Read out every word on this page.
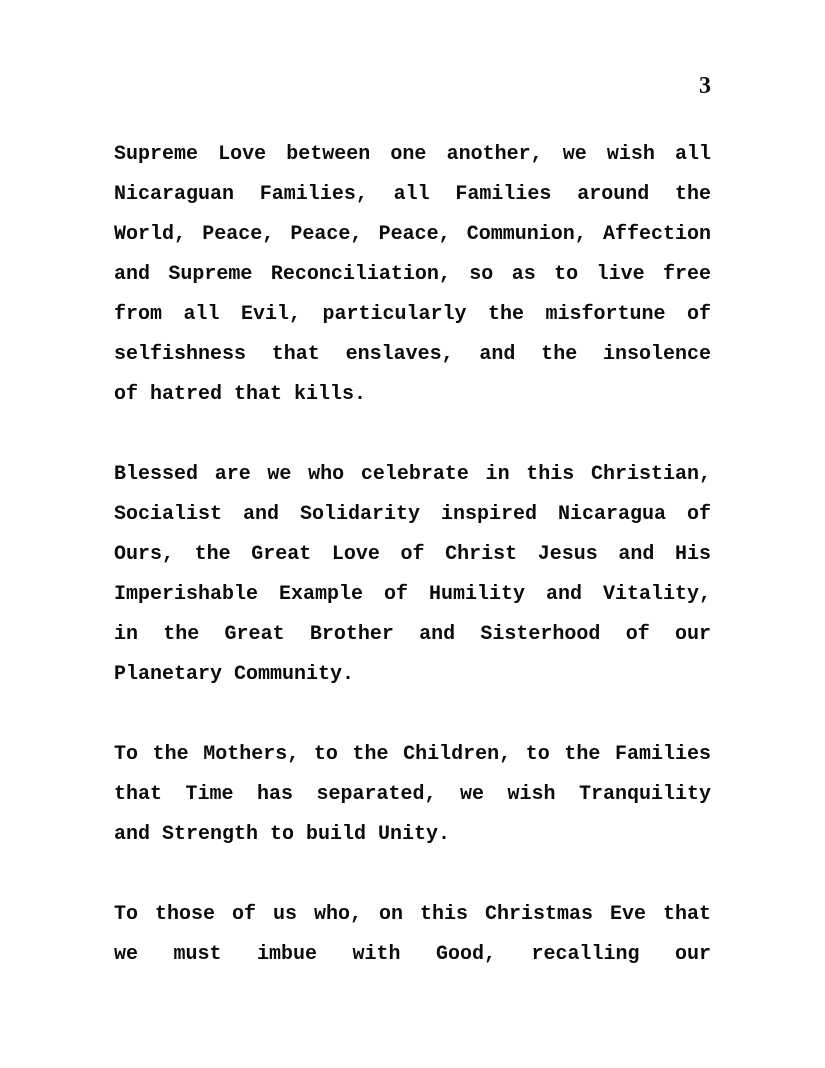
3
Supreme Love between one another, we wish all
Nicaraguan Families, all Families around the
World, Peace, Peace, Peace, Communion, Affection
and Supreme Reconciliation, so as to live free
from all Evil, particularly the misfortune of
selfishness that enslaves, and the insolence
of hatred that kills.
Blessed are we who celebrate in this Christian,
Socialist and Solidarity inspired Nicaragua of
Ours, the Great Love of Christ Jesus and His
Imperishable Example of Humility and Vitality,
in the Great Brother and Sisterhood of our
Planetary Community.
To the Mothers, to the Children, to the Families
that Time has separated, we wish Tranquility
and Strength to build Unity.
To those of us who, on this Christmas Eve that
we must imbue with Good, recalling our
